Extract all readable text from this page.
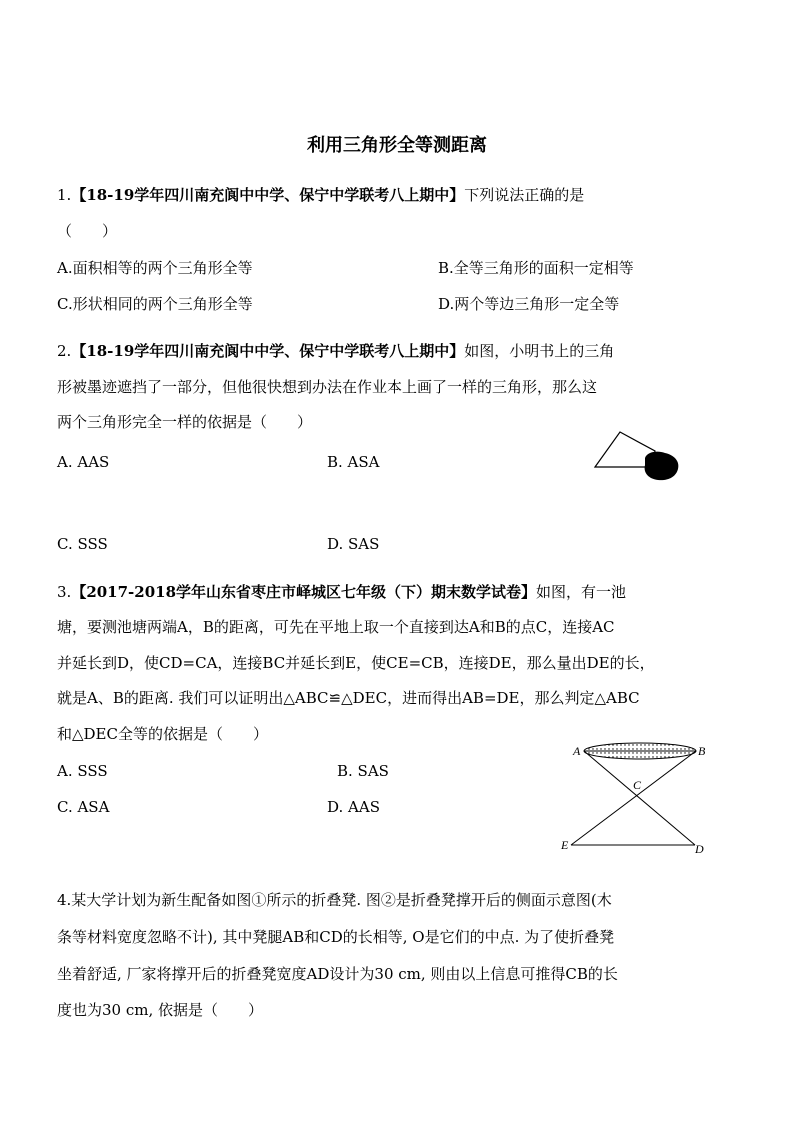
利用三角形全等测距离
1.【18-19学年四川南充阆中中学、保宁中学联考八上期中】下列说法正确的是
（　　）
A.面积相等的两个三角形全等	B.全等三角形的面积一定相等
C.形状相同的两个三角形全等	D.两个等边三角形一定全等
2.【18-19学年四川南充阆中中学、保宁中学联考八上期中】如图，小明书上的三角
形被墨迹遮挡了一部分，但他很快想到办法在作业本上画了一样的三角形，那么这
两个三角形完全一样的依据是（　　）
A. AAS	B. ASA
C. SSS	D. SAS
3.【2017-2018学年山东省枣庄市峄城区七年级（下）期末数学试卷】如图，有一池
塘，要测池塘两端A，B的距离，可先在平地上取一个直接到达A和B的点C，连接AC
并延长到D，使CD=CA，连接BC并延长到E，使CE=CB，连接DE，那么量出DE的长，
就是A、B的距离. 我们可以证明出△ABC≌△DEC，进而得出AB=DE，那么判定△ABC
和△DEC全等的依据是（　　）
A. SSS	B. SAS
C. ASA	D. AAS
A	B
C
E	D
4.某大学计划为新生配备如图①所示的折叠凳. 图②是折叠凳撑开后的侧面示意图(木
条等材料宽度忽略不计), 其中凳腿AB和CD的长相等, O是它们的中点. 为了使折叠凳
坐着舒适, 厂家将撑开后的折叠凳宽度AD设计为30 cm, 则由以上信息可推得CB的长
度也为30 cm, 依据是（　　）
